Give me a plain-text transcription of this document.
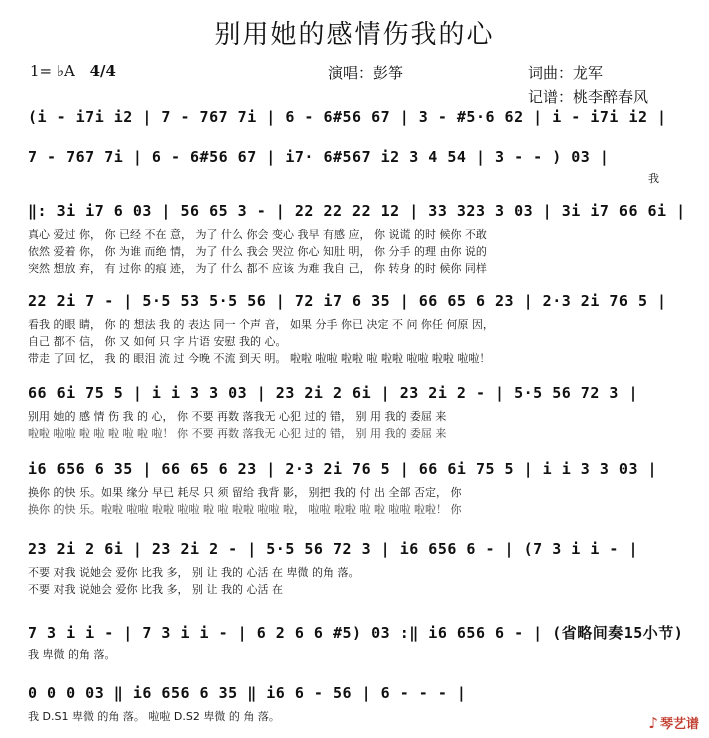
别用她的感情伤我的心
1= ♭A 4/4	演唱：彭筝	词曲：龙军
记谱：桃李醉春风
(i - i7i i2 | 7 - 767 7i | 6 - 6#56 67 | 3 - #5·6 62 | i - i7i i2 |
7 - 767 7i | 6 - 6#56 67 | i7· 6#567 i2 3 4 54 | 3 - - ) 03 |
我
‖: 3i i7 6 03 | 56 65 3 - | 22 22 22 12 | 33 323 3 03 | 3i i7 66 6i |
真心 爱过 你， 你 已经 不在 意， 为了 什么 你会 变心 我早 有感 应， 你 说谎 的时 候你 不敢
依然 爱着 你， 你 为谁 而绝 情， 为了 什么 我会 哭泣 你心 知肚 明， 你 分手 的理 由你 说的
突然 想放 弃， 有 过你 的痕 迹， 为了 什么 都不 应该 为难 我自 己， 你 转身 的时 候你 同样
22 2i 7 - | 5·5 53 5·5 56 | 72 i7 6 35 | 66 65 6 23 | 2·3 2i 76 5 |
看我 的眼 睛， 你 的 想法 我 的 表达 同一 个声 音， 如果 分手 你已 决定 不 问 你任 何原 因，
自己 都不 信， 你 又 如何 只 字 片语 安慰 我的 心。
带走 了回 忆， 我 的 眼泪 流 过 今晚 不流 到天 明。 啦啦 啦啦 啦啦 啦 啦啦 啦啦 啦啦 啦啦！
66 6i 75 5 | i i 3 3 03 | 23 2i 2 6i | 23 2i 2 - | 5·5 56 72 3 |
别用 她的 感 情 伤 我 的 心， 你 不要 再数 落我无 心犯 过的 错， 别 用 我的 委屈 来
啦啦 啦啦 啦 啦 啦 啦 啦 啦！ 你 不要 再数 落我无 心犯 过的 错， 别 用 我的 委屈 来
i6 656 6 35 | 66 65 6 23 | 2·3 2i 76 5 | 66 6i 75 5 | i i 3 3 03 |
换你 的快 乐。如果 缘分 早已 耗尽 只 须 留给 我背 影， 别把 我的 付 出 全部 否定， 你
换你 的快 乐。啦啦 啦啦 啦啦 啦啦 啦 啦 啦啦 啦啦 啦， 啦啦 啦啦 啦 啦 啦啦 啦啦！ 你
23 2i 2 6i | 23 2i 2 - | 5·5 56 72 3 | i6 656 6 - | (7 3 i i - |
不要 对我 说她会 爱你 比我 多， 别 让 我的 心活 在 卑微 的角 落。
不要 对我 说她会 爱你 比我 多， 别 让 我的 心活 在
7 3 i i - | 7 3 i i - | 6 2 6 6 #5) 03 :‖ i6 656 6 - | (省略间奏15小节)
我 卑微 的角 落。
0 0 0 03 ‖ i6 656 6 35 ‖ i6 6 - 56 | 6 - - - |
我 D.S1 卑微 的角 落。 啦啦 D.S2 卑微 的 角 落。	♪ 琴艺谱
